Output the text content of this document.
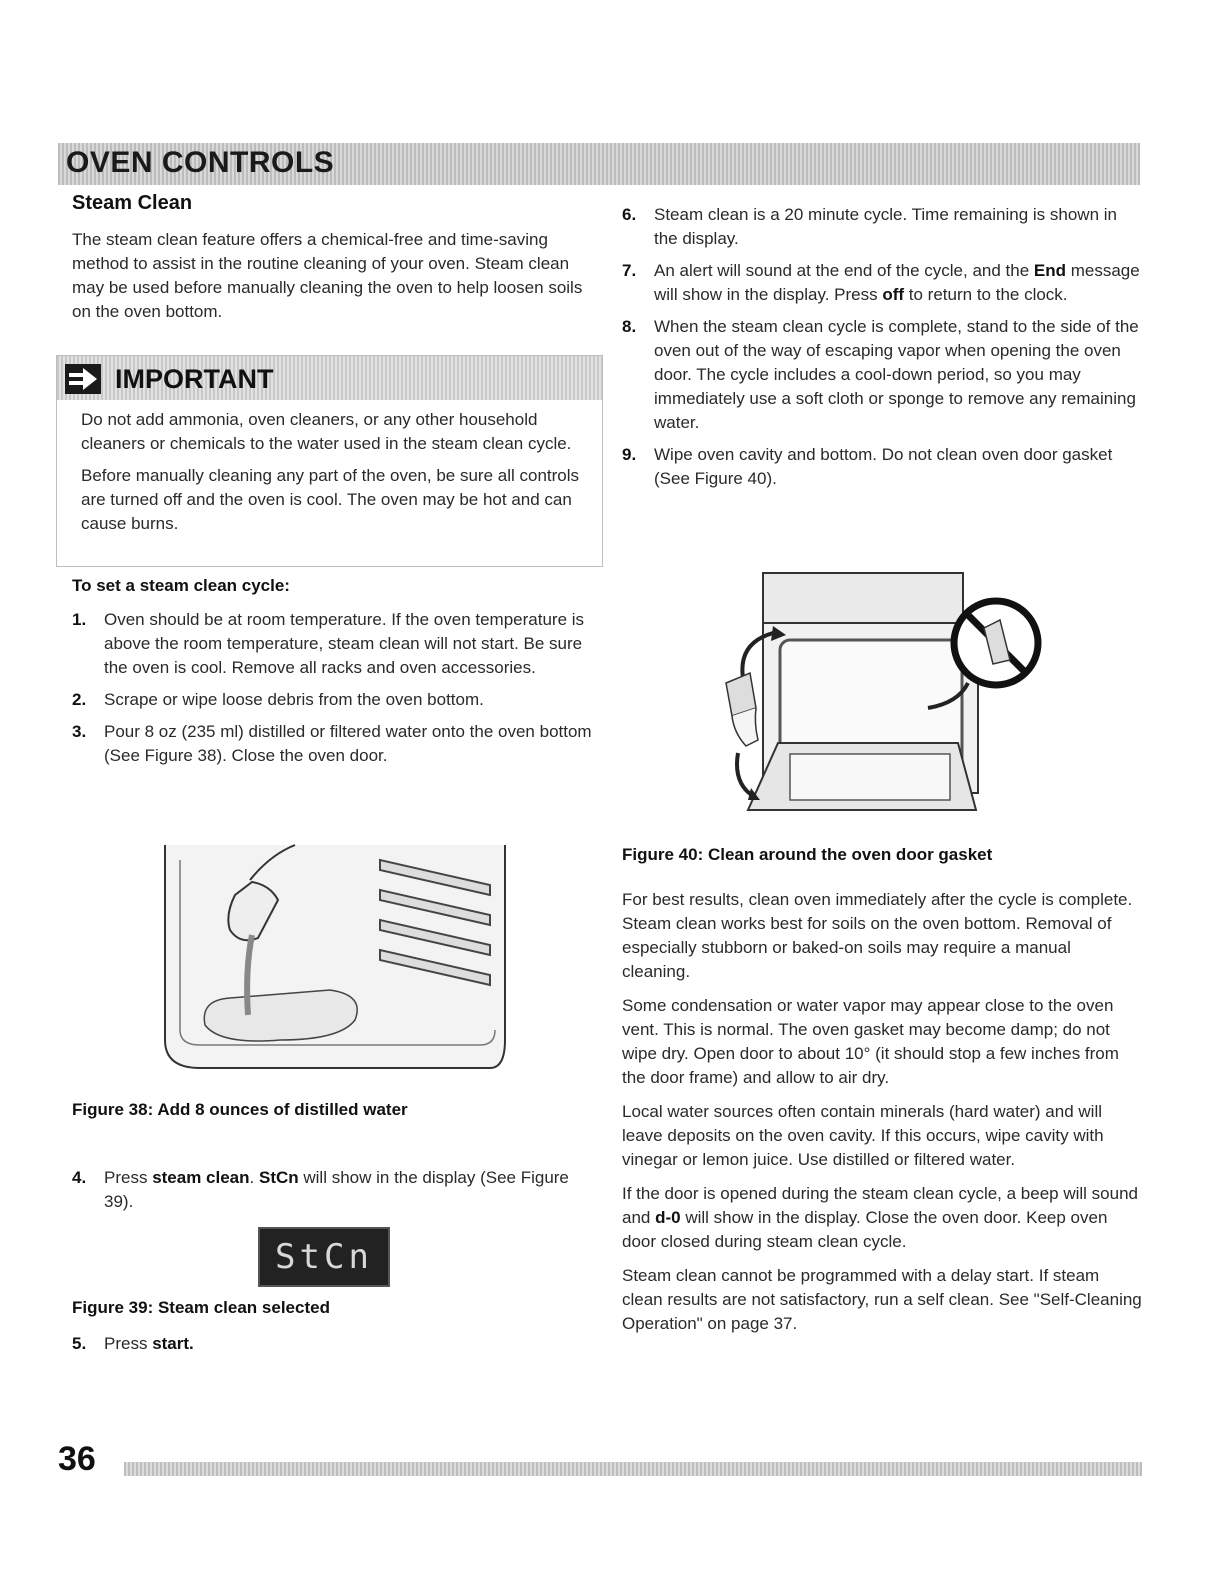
OVEN CONTROLS
Steam Clean

The steam clean feature offers a chemical-free and time-saving method to assist in the routine cleaning of your oven. Steam clean may be used before manually cleaning the oven to help loosen soils on the oven bottom.

IMPORTANT

Do not add ammonia, oven cleaners, or any other household cleaners or chemicals to the water used in the steam clean cycle.

Before manually cleaning any part of the oven, be sure all controls are turned off and the oven is cool. The oven may be hot and can cause burns.

To set a steam clean cycle:
1. Oven should be at room temperature. If the oven temperature is above the room temperature, steam clean will not start. Be sure the oven is cool. Remove all racks and oven accessories.
2. Scrape or wipe loose debris from the oven bottom.
3. Pour 8 oz (235 ml) distilled or filtered water onto the oven bottom (See Figure 38). Close the oven door.
Figure 38: Add 8 ounces of distilled water
4. Press steam clean. StCn will show in the display (See Figure 39).
StCn
Figure 39: Steam clean selected
5. Press start.
6. Steam clean is a 20 minute cycle. Time remaining is shown in the display.
7. An alert will sound at the end of the cycle, and the End message will show in the display. Press off to return to the clock.
8. When the steam clean cycle is complete, stand to the side of the oven out of the way of escaping vapor when opening the oven door. The cycle includes a cool-down period, so you may immediately use a soft cloth or sponge to remove any remaining water.
9. Wipe oven cavity and bottom. Do not clean oven door gasket (See Figure 40).
Figure 40: Clean around the oven door gasket

For best results, clean oven immediately after the cycle is complete. Steam clean works best for soils on the oven bottom. Removal of especially stubborn or baked-on soils may require a manual cleaning.

Some condensation or water vapor may appear close to the oven vent. This is normal. The oven gasket may become damp; do not wipe dry. Open door to about 10° (it should stop a few inches from the door frame) and allow to air dry.

Local water sources often contain minerals (hard water) and will leave deposits on the oven cavity. If this occurs, wipe cavity with vinegar or lemon juice. Use distilled or filtered water.

If the door is opened during the steam clean cycle, a beep will sound and d-0 will show in the display. Close the oven door. Keep oven door closed during steam clean cycle.

Steam clean cannot be programmed with a delay start. If steam clean results are not satisfactory, run a self clean. See "Self-Cleaning Operation" on page 37.

36
